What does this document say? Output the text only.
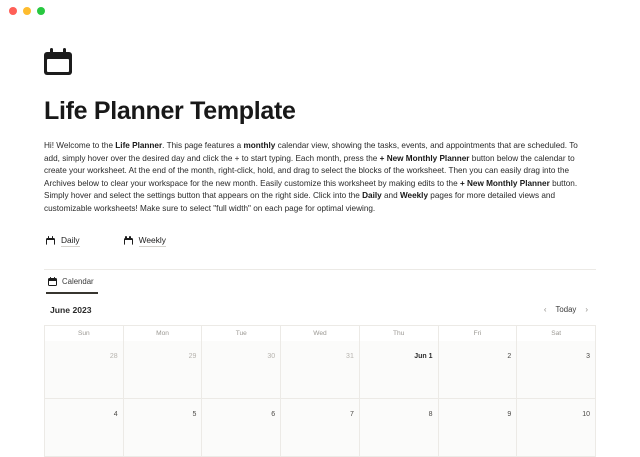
Life Planner Template

Hi! Welcome to the Life Planner. This page features a monthly calendar view, showing the tasks, events, and appointments that are scheduled. To add, simply hover over the desired day and click the + to start typing. Each month, press the + New Monthly Planner button below the calendar to create your worksheet. At the end of the month, right-click, hold, and drag to select the blocks of the worksheet. Then you can easily drag into the Archives below to clear your workspace for the new month. Easily customize this worksheet by making edits to the + New Monthly Planner button. Simply hover and select the settings button that appears on the right side. Click into the Daily and Weekly pages for more detailed views and customizable worksheets! Make sure to select "full width" on each page for optimal viewing.

Daily	Weekly
Calendar
June 2023	‹	Today	›
Sun	Mon	Tue	Wed	Thu	Fri	Sat
28	29	30	31	Jun 1	2	3
4	5	6	7	8	9	10
